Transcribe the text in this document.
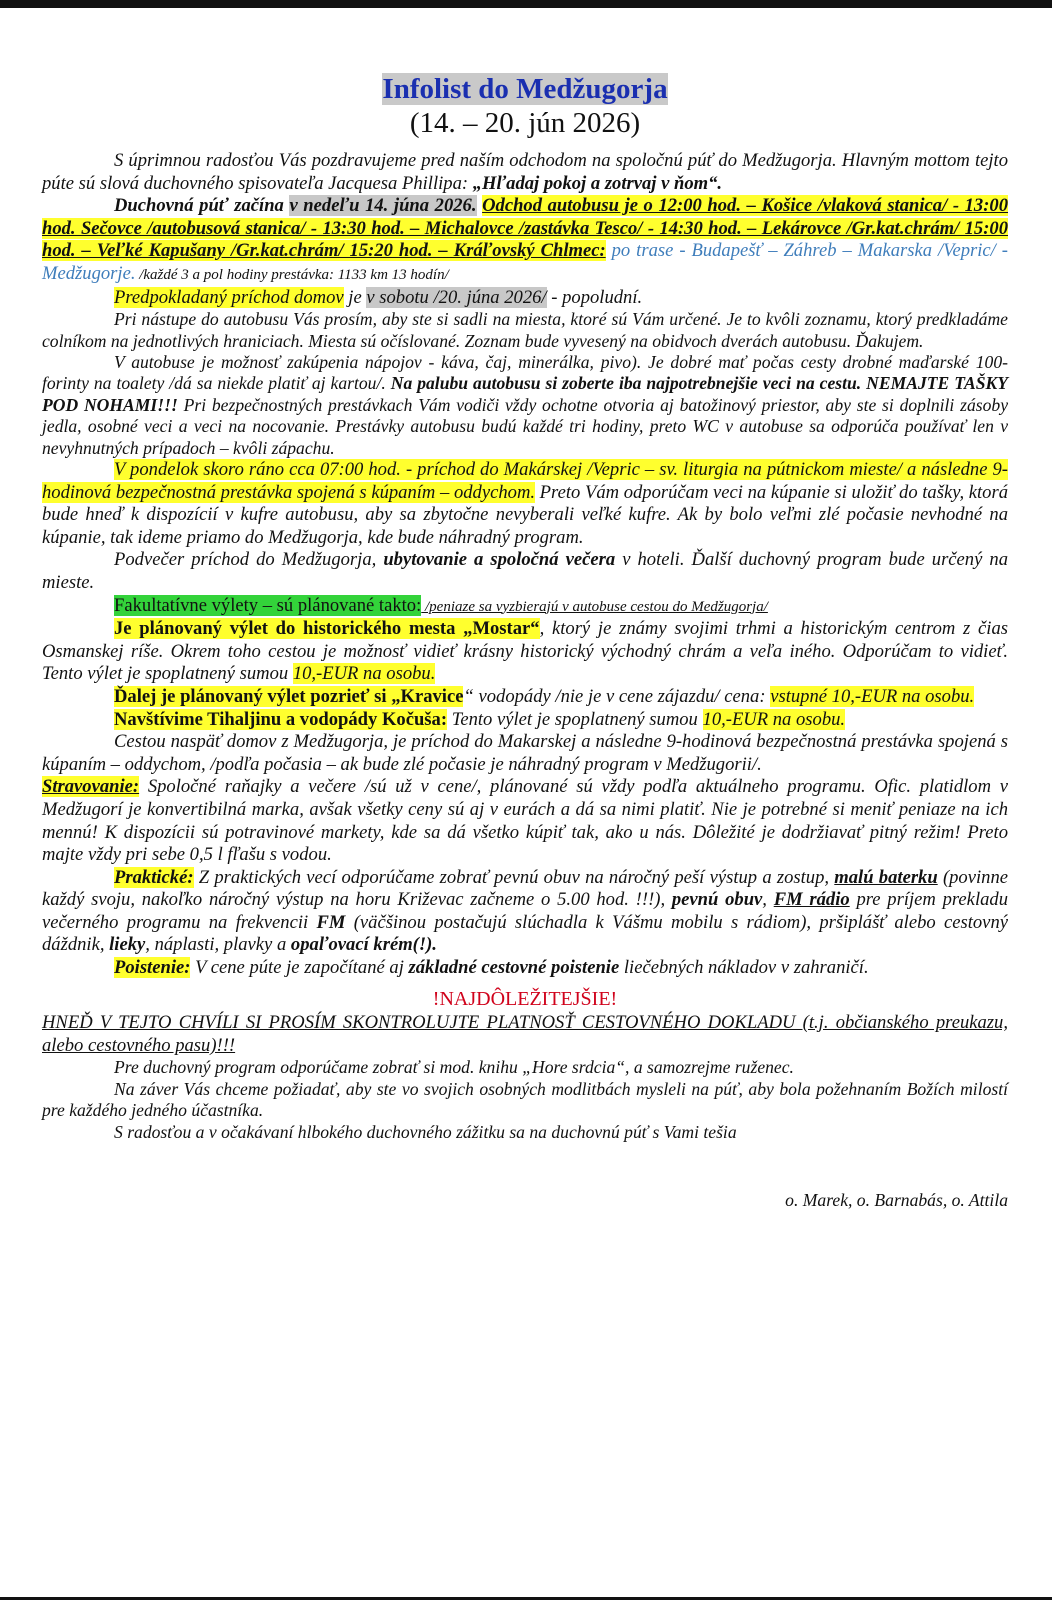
Infolist do Medžugorja
(14. – 20. jún 2026)

S úprimnou radosťou Vás pozdravujeme pred naším odchodom na spoločnú púť do Medžugorja. Hlavným mottom tejto púte sú slová duchovného spisovateľa Jacquesa Phillipa: „Hľadaj pokoj a zotrvaj v ňom“.

Duchovná púť začína v nedeľu 14. júna 2026. Odchod autobusu je o 12:00 hod. – Košice /vlaková stanica/ - 13:00 hod. Sečovce /autobusová stanica/ - 13:30 hod. – Michalovce /zastávka Tesco/ - 14:30 hod. – Lekárovce /Gr.kat.chrám/ 15:00 hod. – Veľké Kapušany /Gr.kat.chrám/ 15:20 hod. – Kráľovský Chlmec: po trase - Budapešť – Záhreb – Makarska /Vepric/ - Medžugorje. /každé 3 a pol hodiny prestávka: 1133 km 13 hodín/

Predpokladaný príchod domov je v sobotu /20. júna 2026/ - popoludní.

Pri nástupe do autobusu Vás prosím, aby ste si sadli na miesta, ktoré sú Vám určené. Je to kvôli zoznamu, ktorý predkladáme colníkom na jednotlivých hraniciach. Miesta sú očíslované. Zoznam bude vyvesený na obidvoch dverách autobusu. Ďakujem.

V autobuse je možnosť zakúpenia nápojov - káva, čaj, minerálka, pivo). Je dobré mať počas cesty drobné maďarské 100-forinty na toalety /dá sa niekde platiť aj kartou/. Na palubu autobusu si zoberte iba najpotrebnejšie veci na cestu. NEMAJTE TAŠKY POD NOHAMI!!! Pri bezpečnostných prestávkach Vám vodiči vždy ochotne otvoria aj batožinový priestor, aby ste si doplnili zásoby jedla, osobné veci a veci na nocovanie. Prestávky autobusu budú každé tri hodiny, preto WC v autobuse sa odporúča používať len v nevyhnutných prípadoch – kvôli zápachu.

V pondelok skoro ráno cca 07:00 hod. - príchod do Makárskej /Vepric – sv. liturgia na pútnickom mieste/ a následne 9-hodinová bezpečnostná prestávka spojená s kúpaním – oddychom. Preto Vám odporúčam veci na kúpanie si uložiť do tašky, ktorá bude hneď k dispozícií v kufre autobusu, aby sa zbytočne nevyberali veľké kufre. Ak by bolo veľmi zlé počasie nevhodné na kúpanie, tak ideme priamo do Medžugorja, kde bude náhradný program.

Podvečer príchod do Medžugorja, ubytovanie a spoločná večera v hoteli. Ďalší duchovný program bude určený na mieste.

Fakultatívne výlety – sú plánované takto: /peniaze sa vyzbierajú v autobuse cestou do Medžugorja/

Je plánovaný výlet do historického mesta „Mostar“, ktorý je známy svojimi trhmi a historickým centrom z čias Osmanskej ríše. Okrem toho cestou je možnosť vidieť krásny historický východný chrám a veľa iného. Odporúčam to vidieť. Tento výlet je spoplatnený sumou 10,-EUR na osobu.

Ďalej je plánovaný výlet pozrieť si „Kravice“ vodopády /nie je v cene zájazdu/ cena: vstupné 10,-EUR na osobu.

Navštívime Tihaljinu a vodopády Kočuša: Tento výlet je spoplatnený sumou 10,-EUR na osobu.

Cestou naspäť domov z Medžugorja, je príchod do Makarskej a následne 9-hodinová bezpečnostná prestávka spojená s kúpaním – oddychom, /podľa počasia – ak bude zlé počasie je náhradný program v Medžugorii/.

Stravovanie: Spoločné raňajky a večere /sú už v cene/, plánované sú vždy podľa aktuálneho programu. Ofic. platidlom v Medžugorí je konvertibilná marka, avšak všetky ceny sú aj v eurách a dá sa nimi platiť. Nie je potrebné si meniť peniaze na ich mennú! K dispozícii sú potravinové markety, kde sa dá všetko kúpiť tak, ako u nás. Dôležité je dodržiavať pitný režim! Preto majte vždy pri sebe 0,5 l fľašu s vodou.

Praktické: Z praktických vecí odporúčame zobrať pevnú obuv na náročný peší výstup a zostup, malú baterku (povinne každý svoju, nakoľko náročný výstup na horu Križevac začneme o 5.00 hod. !!!), pevnú obuv, FM rádio pre príjem prekladu večerného programu na frekvencii FM (väčšinou postačujú slúchadla k Vášmu mobilu s rádiom), pršiplášť alebo cestovný dáždnik, lieky, náplasti, plavky a opaľovací krém(!).

Poistenie: V cene púte je započítané aj základné cestovné poistenie liečebných nákladov v zahraničí.

!NAJDÔLEŽITEJŠIE!

HNEĎ V TEJTO CHVÍLI SI PROSÍM SKONTROLUJTE PLATNOSŤ CESTOVNÉHO DOKLADU (t.j. občianského preukazu, alebo cestovného pasu)!!!

Pre duchovný program odporúčame zobrať si mod. knihu „Hore srdcia“, a samozrejme ruženec.

Na záver Vás chceme požiadať, aby ste vo svojich osobných modlitbách mysleli na púť, aby bola požehnaním Božích milostí pre každého jedného účastníka.

S radosťou a v očakávaní hlbokého duchovného zážitku sa na duchovnú púť s Vami tešia

o. Marek, o. Barnabás, o. Attila
